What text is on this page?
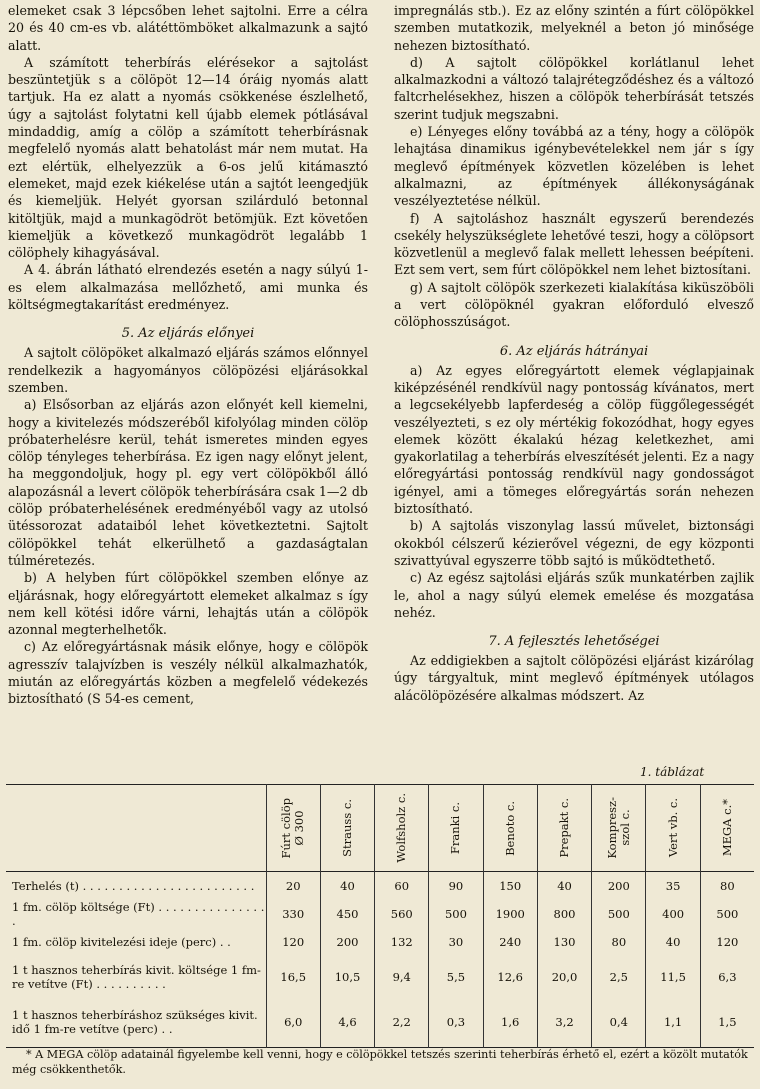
elemeket csak 3 lépcsőben lehet sajtolni. Erre a célra 20 és 40 cm-es vb. alátéttömböket alkalmazunk a sajtó alatt.

A számított teherbírás elérésekor a sajtolást beszüntetjük s a cölöpöt 12—14 óráig nyomás alatt tartjuk. Ha ez alatt a nyomás csökkenése észlelhető, úgy a sajtolást folytatni kell újabb elemek pótlásával mindaddig, amíg a cölöp a számított teherbírásnak megfelelő nyomás alatt behatolást már nem mutat. Ha ezt elértük, elhelyezzük a 6-os jelű kitámasztó elemeket, majd ezek kiékelése után a sajtót leengedjük és kiemeljük. Helyét gyorsan szilárduló betonnal kitöltjük, majd a munkagödröt betömjük. Ezt követően kiemeljük a következő munkagödröt legalább 1 cölöphely kihagyásával.

A 4. ábrán látható elrendezés esetén a nagy súlyú 1-es elem alkalmazása mellőzhető, ami munka és költségmegtakarítást eredményez.

5. Az eljárás előnyei

A sajtolt cölöpöket alkalmazó eljárás számos előnnyel rendelkezik a hagyományos cölöpözési eljárásokkal szemben.

a) Elsősorban az eljárás azon előnyét kell kiemelni, hogy a kivitelezés módszeréből kifolyólag minden cölöp próbaterhelésre kerül, tehát ismeretes minden egyes cölöp tényleges teherbírása. Ez igen nagy előnyt jelent, ha meggondoljuk, hogy pl. egy vert cölöpökből álló alapozásnál a levert cölöpök teherbírására csak 1—2 db cölöp próbaterhelésének eredményéből vagy az utolsó ütéssorozat adataiból lehet következtetni. Sajtolt cölöpökkel tehát elkerülhető a gazdaságtalan túlméretezés.

b) A helyben fúrt cölöpökkel szemben előnye az eljárásnak, hogy előregyártott elemeket alkalmaz s így nem kell kötési időre várni, lehajtás után a cölöpök azonnal megterhelhetők.

c) Az előregyártásnak másik előnye, hogy e cölöpök agresszív talajvízben is veszély nélkül alkalmazhatók, miután az előregyártás közben a megfelelő védekezés biztosítható (S 54-es cement,

impregnálás stb.). Ez az előny szintén a fúrt cölöpökkel szemben mutatkozik, melyeknél a beton jó minősége nehezen biztosítható.

d) A sajtolt cölöpökkel korlátlanul lehet alkalmazkodni a változó talajrétegződéshez és a változó faltcrhelésekhez, hiszen a cölöpök teherbírását tetszés szerint tudjuk megszabni.

e) Lényeges előny továbbá az a tény, hogy a cölöpök lehajtása dinamikus igénybevételekkel nem jár s így meglevő építmények közvetlen közelében is lehet alkalmazni, az építmények állékonyságának veszélyeztetése nélkül.

f) A sajtoláshoz használt egyszerű berendezés csekély helyszükséglete lehetővé teszi, hogy a cölöpsort közvetlenül a meglevő falak mellett lehessen beépíteni. Ezt sem vert, sem fúrt cölöpökkel nem lehet biztosítani.

g) A sajtolt cölöpök szerkezeti kialakítása kiküszöböli a vert cölöpöknél gyakran előforduló elvesző cölöphosszúságot.

6. Az eljárás hátrányai

a) Az egyes előregyártott elemek véglapjainak kiképzésénél rendkívül nagy pontosság kívánatos, mert a legcsekélyebb lapferdeség a cölöp függőlegességét veszélyezteti, s ez oly mértékig fokozódhat, hogy egyes elemek között ékalakú hézag keletkezhet, ami gyakorlatilag a teherbírás elveszítését jelenti. Ez a nagy előregyártási pontosság rendkívül nagy gondosságot igényel, ami a tömeges előregyártás során nehezen biztosítható.

b) A sajtolás viszonylag lassú művelet, biztonsági okokból célszerű kézierővel végezni, de egy központi szivattyúval egyszerre több sajtó is működtethető.

c) Az egész sajtolási eljárás szűk munkatérben zajlik le, ahol a nagy súlyú elemek emelése és mozgatása nehéz.

7. A fejlesztés lehetőségei

Az eddigiekben a sajtolt cölöpözési eljárást kizárólag úgy tárgyaltuk, mint meglevő építmények utólagos alácölöpözésére alkalmas módszert. Az

1. táblázat

	Fúrt cölöp
Ø 300	Strauss c.	Wolfsholz c.	Franki c.	Benoto c.	Prepakt c.	Kompresz-
szol c.	Vert vb. c.	MEGA c.*

Terhelés (t) . . . . . . . . . . . . . . . . . . . . . . . .	20	40	60	90	150	40	200	35	80
1 fm. cölöp költsége (Ft) . . . . . . . . . . . . . . . .	330	450	560	500	1900	800	500	400	500
1 fm. cölöp kivitelezési ideje (perc) . .	120	200	132	30	240	130	80	40	120
1 t hasznos teherbírás kivit. költsége 1 fm-re vetítve (Ft) . . . . . . . . . .	16,5	10,5	9,4	5,5	12,6	20,0	2,5	11,5	6,3
1 t hasznos teherbíráshoz szükséges kivit. idő 1 fm-re vetítve (perc) . .	6,0	4,6	2,2	0,3	1,6	3,2	0,4	1,1	1,5
* A MEGA cölöp adatainál figyelembe kell venni, hogy e cölöpökkel tetszés szerinti teherbírás érhető el, ezért a közölt mutatók még csökkenthetők.
